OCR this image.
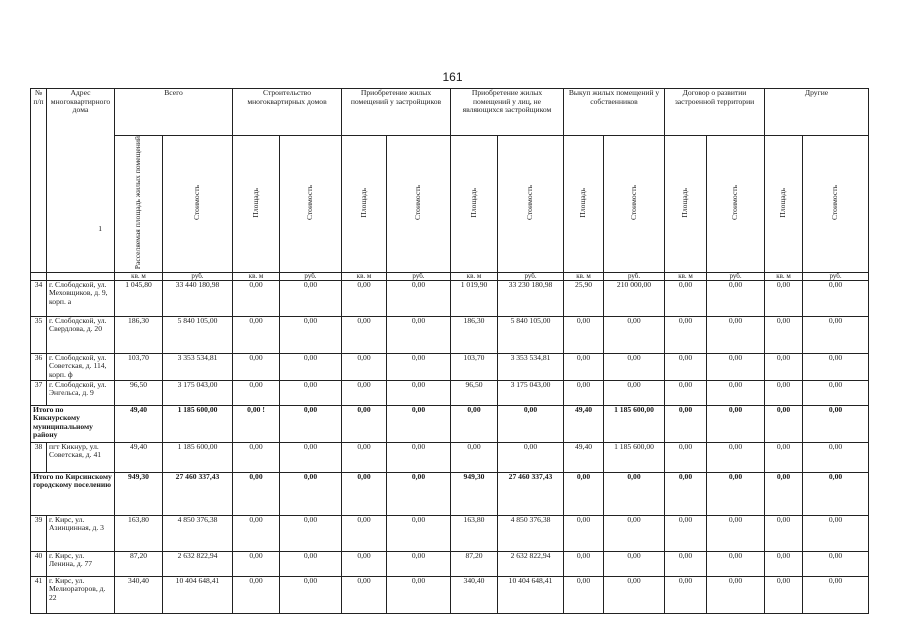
161
№ п/п	Адрес многоквартирного дома
1	Всего		Строительство многоквартирных домов		Приобретение жилых помещений у застройщиков		Приобретение жилых помещений у лиц, не являющихся застройщиком		Выкуп жилых помещений у собственников		Договор о развитии застроенной территории		Другие	
		Расселяемая площадь жилых помещений	Стоимость	Площадь	Стоимость	Площадь	Стоимость	Площадь	Стоимость	Площадь	Стоимость	Площадь	Стоимость	Площадь	Стоимость
		кв. м	руб.	кв. м	руб.	кв. м	руб.	кв. м	руб.	кв. м	руб.	кв. м	руб.	кв. м	руб.
34	г. Слободской, ул. Меховщиков, д. 9, корп. а	1 045,80	33 440 180,98	0,00	0,00	0,00	0,00	1 019,90	33 230 180,98	25,90	210 000,00	0,00	0,00	0,00	0,00
35	г. Слободской, ул. Свердлова, д. 20	186,30	5 840 105,00	0,00	0,00	0,00	0,00	186,30	5 840 105,00	0,00	0,00	0,00	0,00	0,00	0,00
36	г. Слободской, ул. Советская, д. 114, корп. ф	103,70	3 353 534,81	0,00	0,00	0,00	0,00	103,70	3 353 534,81	0,00	0,00	0,00	0,00	0,00	0,00
37	г. Слободской, ул. Энгельса, д. 9	96,50	3 175 043,00	0,00	0,00	0,00	0,00	96,50	3 175 043,00	0,00	0,00	0,00	0,00	0,00	0,00
Итого по Кикнурскому муниципальному району		49,40	1 185 600,00	0,00 !	0,00	0,00	0,00	0,00	0,00	49,40	1 185 600,00	0,00	0,00	0,00	0,00
38	пгт Кикнур, ул. Советская, д. 41	49,40	1 185 600,00	0,00	0,00	0,00	0,00	0,00	0,00	49,40	1 185 600,00	0,00	0,00	0,00	0,00
Итого по Кирсинскому городскому поселению		949,30	27 460 337,43	0,00	0,00	0,00	0,00	949,30	27 460 337,43	0,00	0,00	0,00	0,00	0,00	0,00
39	г. Кирс, ул. Азинцинная, д. 3	163,80	4 850 376,38	0,00	0,00	0,00	0,00	163,80	4 850 376,38	0,00	0,00	0,00	0,00	0,00	0,00
40	г. Кирс, ул. Ленина, д. 77	87,20	2 632 822,94	0,00	0,00	0,00	0,00	87,20	2 632 822,94	0,00	0,00	0,00	0,00	0,00	0,00
41	г. Кирс, ул. Мелиораторов, д. 22	340,40	10 404 648,41	0,00	0,00	0,00	0,00	340,40	10 404 648,41	0,00	0,00	0,00	0,00	0,00	0,00
